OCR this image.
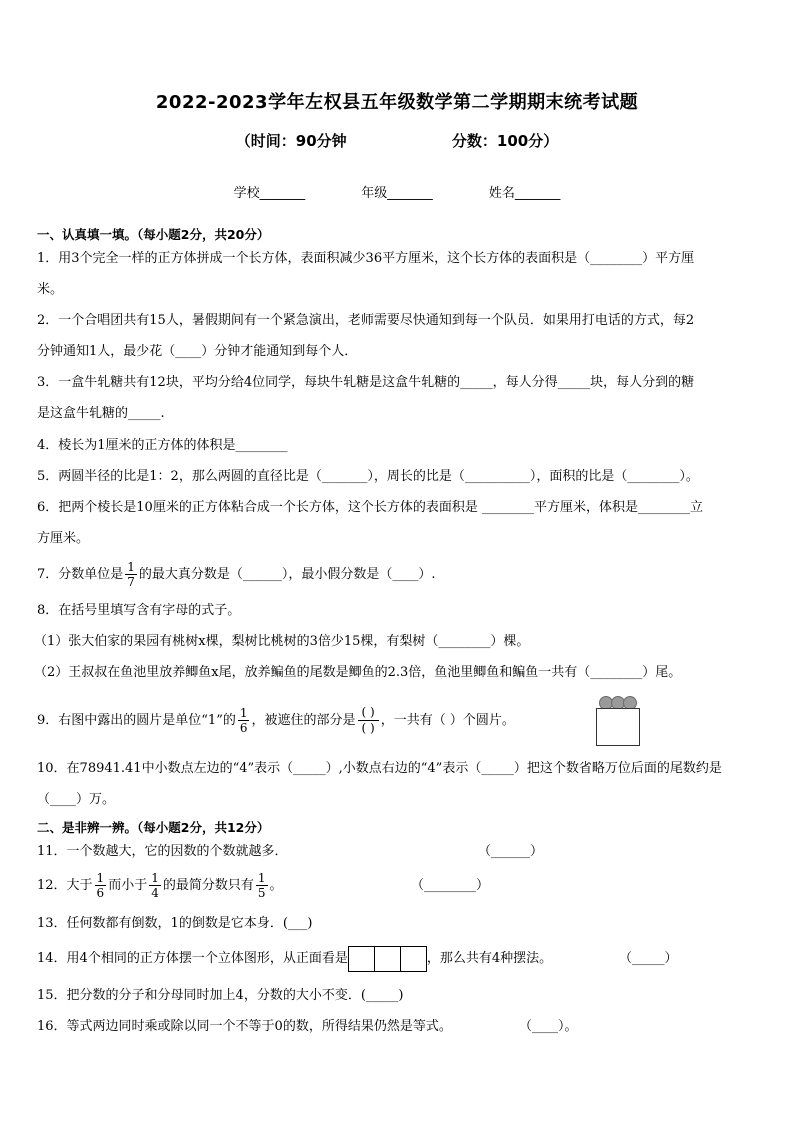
2022-2023学年左权县五年级数学第二学期期末统考试题
（时间：90分钟	分数：100分）
学校_______	年级_______	姓名_______
一、认真填一填。（每小题2分，共20分）
1．用3个完全一样的正方体拼成一个长方体，表面积减少36平方厘米，这个长方体的表面积是（________）平方厘
米。
2．一个合唱团共有15人，暑假期间有一个紧急演出，老师需要尽快通知到每一个队员．如果用打电话的方式，每2
分钟通知1人，最少花（____）分钟才能通知到每个人．
3．一盒牛轧糖共有12块，平均分给4位同学，每块牛轧糖是这盒牛轧糖的_____，每人分得_____块，每人分到的糖
是这盒牛轧糖的_____.
4．棱长为1厘米的正方体的体积是________
5．两圆半径的比是1：2，那么两圆的直径比是（_______），周长的比是（__________），面积的比是（________）。
6．把两个棱长是10厘米的正方体粘合成一个长方体，这个长方体的表面积是 ________平方厘米，体积是________立
方厘米。
7．分数单位是 $\frac{1}{7}$ 的最大真分数是（______），最小假分数是（____）.
8．在括号里填写含有字母的式子。
（1）张大伯家的果园有桃树x棵，梨树比桃树的3倍少15棵，有梨树（________）棵。
（2）王叔叔在鱼池里放养鲫鱼x尾，放养鳊鱼的尾数是鲫鱼的2.3倍，鱼池里鲫鱼和鳊鱼一共有（________）尾。
9．右图中露出的圆片是单位“1”的 $\frac{1}{6}$ ，被遮住的部分是
( )
( ) ，一共有（ ）个圆片。
10．在78941.41中小数点左边的“4”表示（_____）,小数点右边的“4”表示（_____）把这个数省略万位后面的尾数约是
（____）万。
二、是非辨一辨。（每小题2分，共12分）
11．一个数越大，它的因数的个数就越多．	（______）
12．大于 $\frac{1}{6}$ 而小于 $\frac{1}{4}$ 的最简分数只有 $\frac{1}{5}$ 。	（________）
13．任何数都有倒数，1的倒数是它本身．(___)
14．用4个相同的正方体摆一个立体图形，从正面看是	，那么共有4种摆法。	（_____）
15．把分数的分子和分母同时加上4，分数的大小不变．(_____)
16．等式两边同时乘或除以同一个不等于0的数，所得结果仍然是等式。	（____）。
